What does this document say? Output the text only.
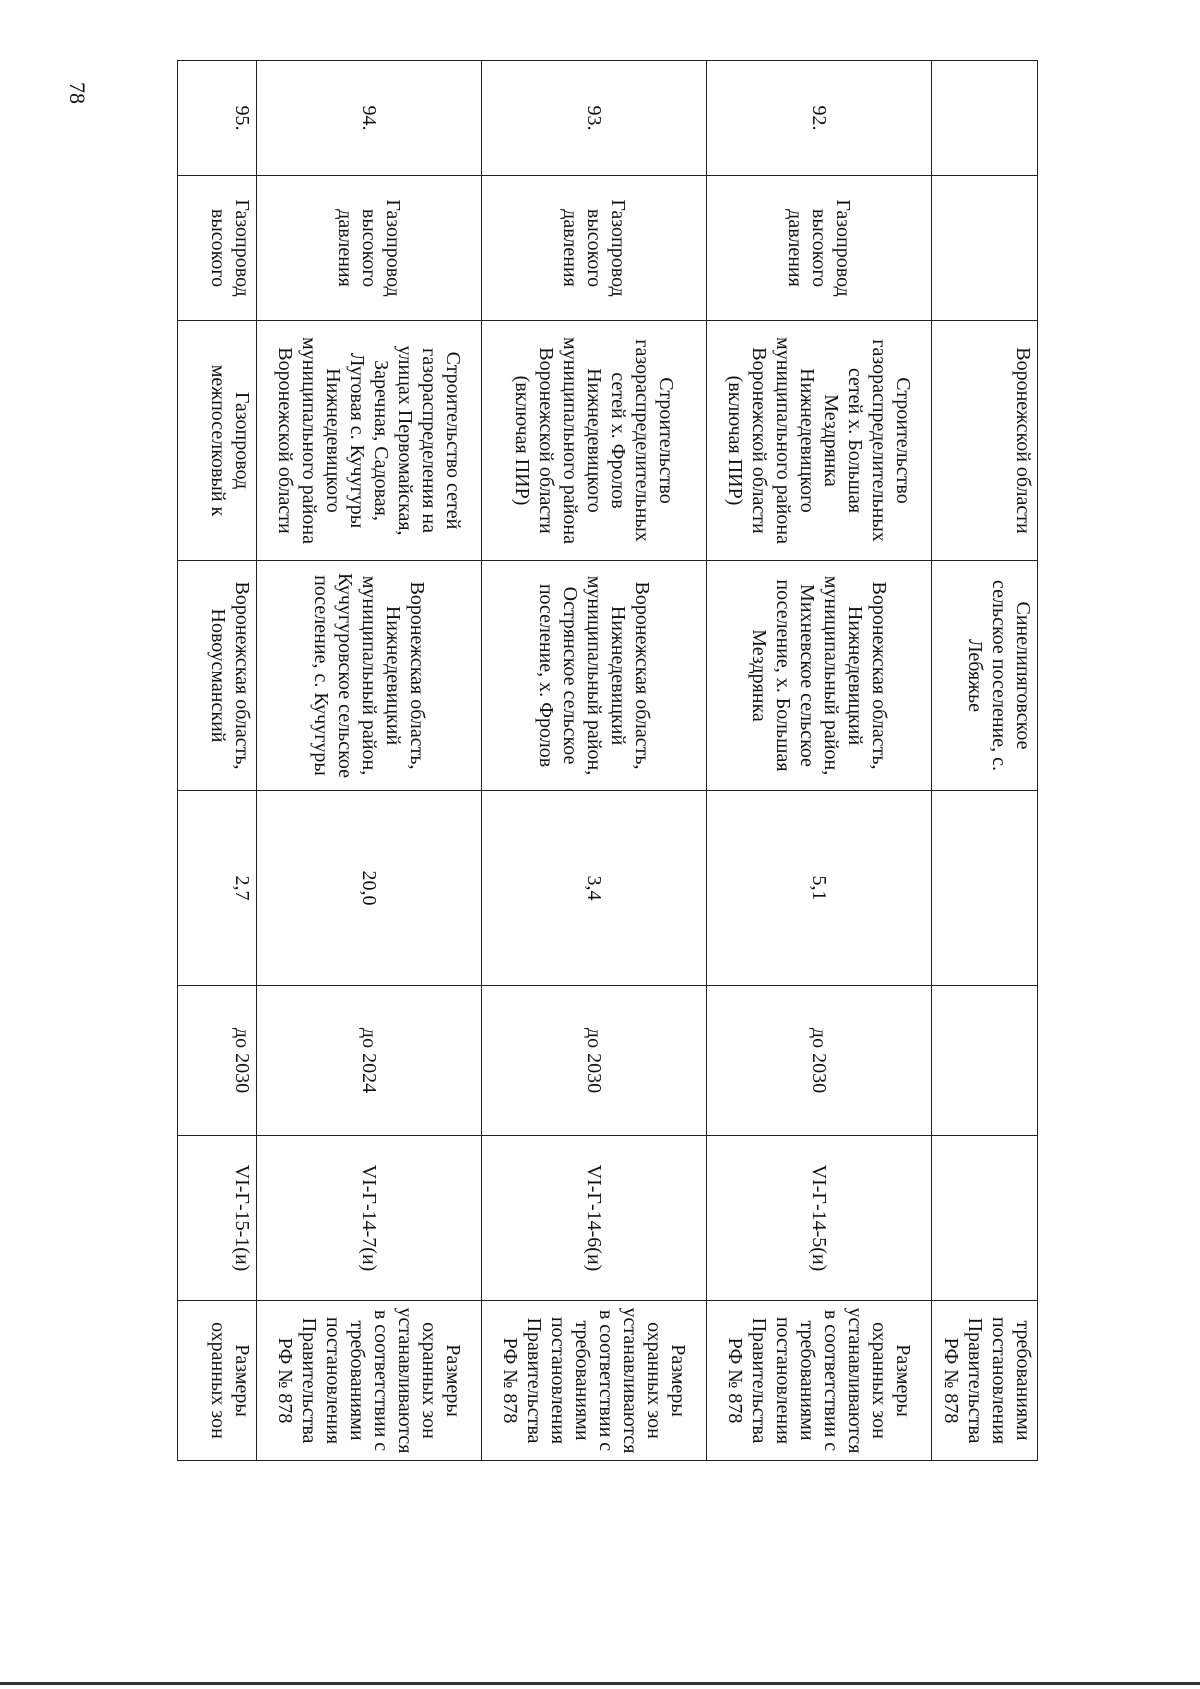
78
		Воронежской области	Синелипяговское сельское поселение, с. Лебяжье				требованиями постановления Правительства РФ № 878
92.	Газопровод высокого давления	Строительство газораспределительных сетей х. Большая Мездрянка Нижнедевицкого муниципального района Воронежской области (включая ПИР)	Воронежская область, Нижнедевицкий муниципальный район, Михневское сельское поселение, х. Большая Мездрянка	5,1	до 2030	VI-Г-14-5(и)	Размеры охранных зон устанавливаются в соответствии с требованиями постановления Правительства РФ № 878
93.	Газопровод высокого давления	Строительство газораспределительных сетей х. Фролов Нижнедевицкого муниципального района Воронежской области (включая ПИР)	Воронежская область, Нижнедевицкий муниципальный район, Острянское сельское поселение, х. Фролов	3,4	до 2030	VI-Г-14-6(и)	Размеры охранных зон устанавливаются в соответствии с требованиями постановления Правительства РФ № 878
94.	Газопровод высокого давления	Строительство сетей газораспределения на улицах Первомайская, Заречная, Садовая, Луговая с. Кучугуры Нижнедевицкого муниципального района Воронежской области	Воронежская область, Нижнедевицкий муниципальный район, Кучугуровское сельское поселение, с. Кучугуры	20,0	до 2024	VI-Г-14-7(и)	Размеры охранных зон устанавливаются в соответствии с требованиями постановления Правительства РФ № 878
95.	Газопровод высокого	Газопровод межпоселковый к	Воронежская область, Новоусманский	2,7	до 2030	VI-Г-15-1(и)	Размеры охранных зон
